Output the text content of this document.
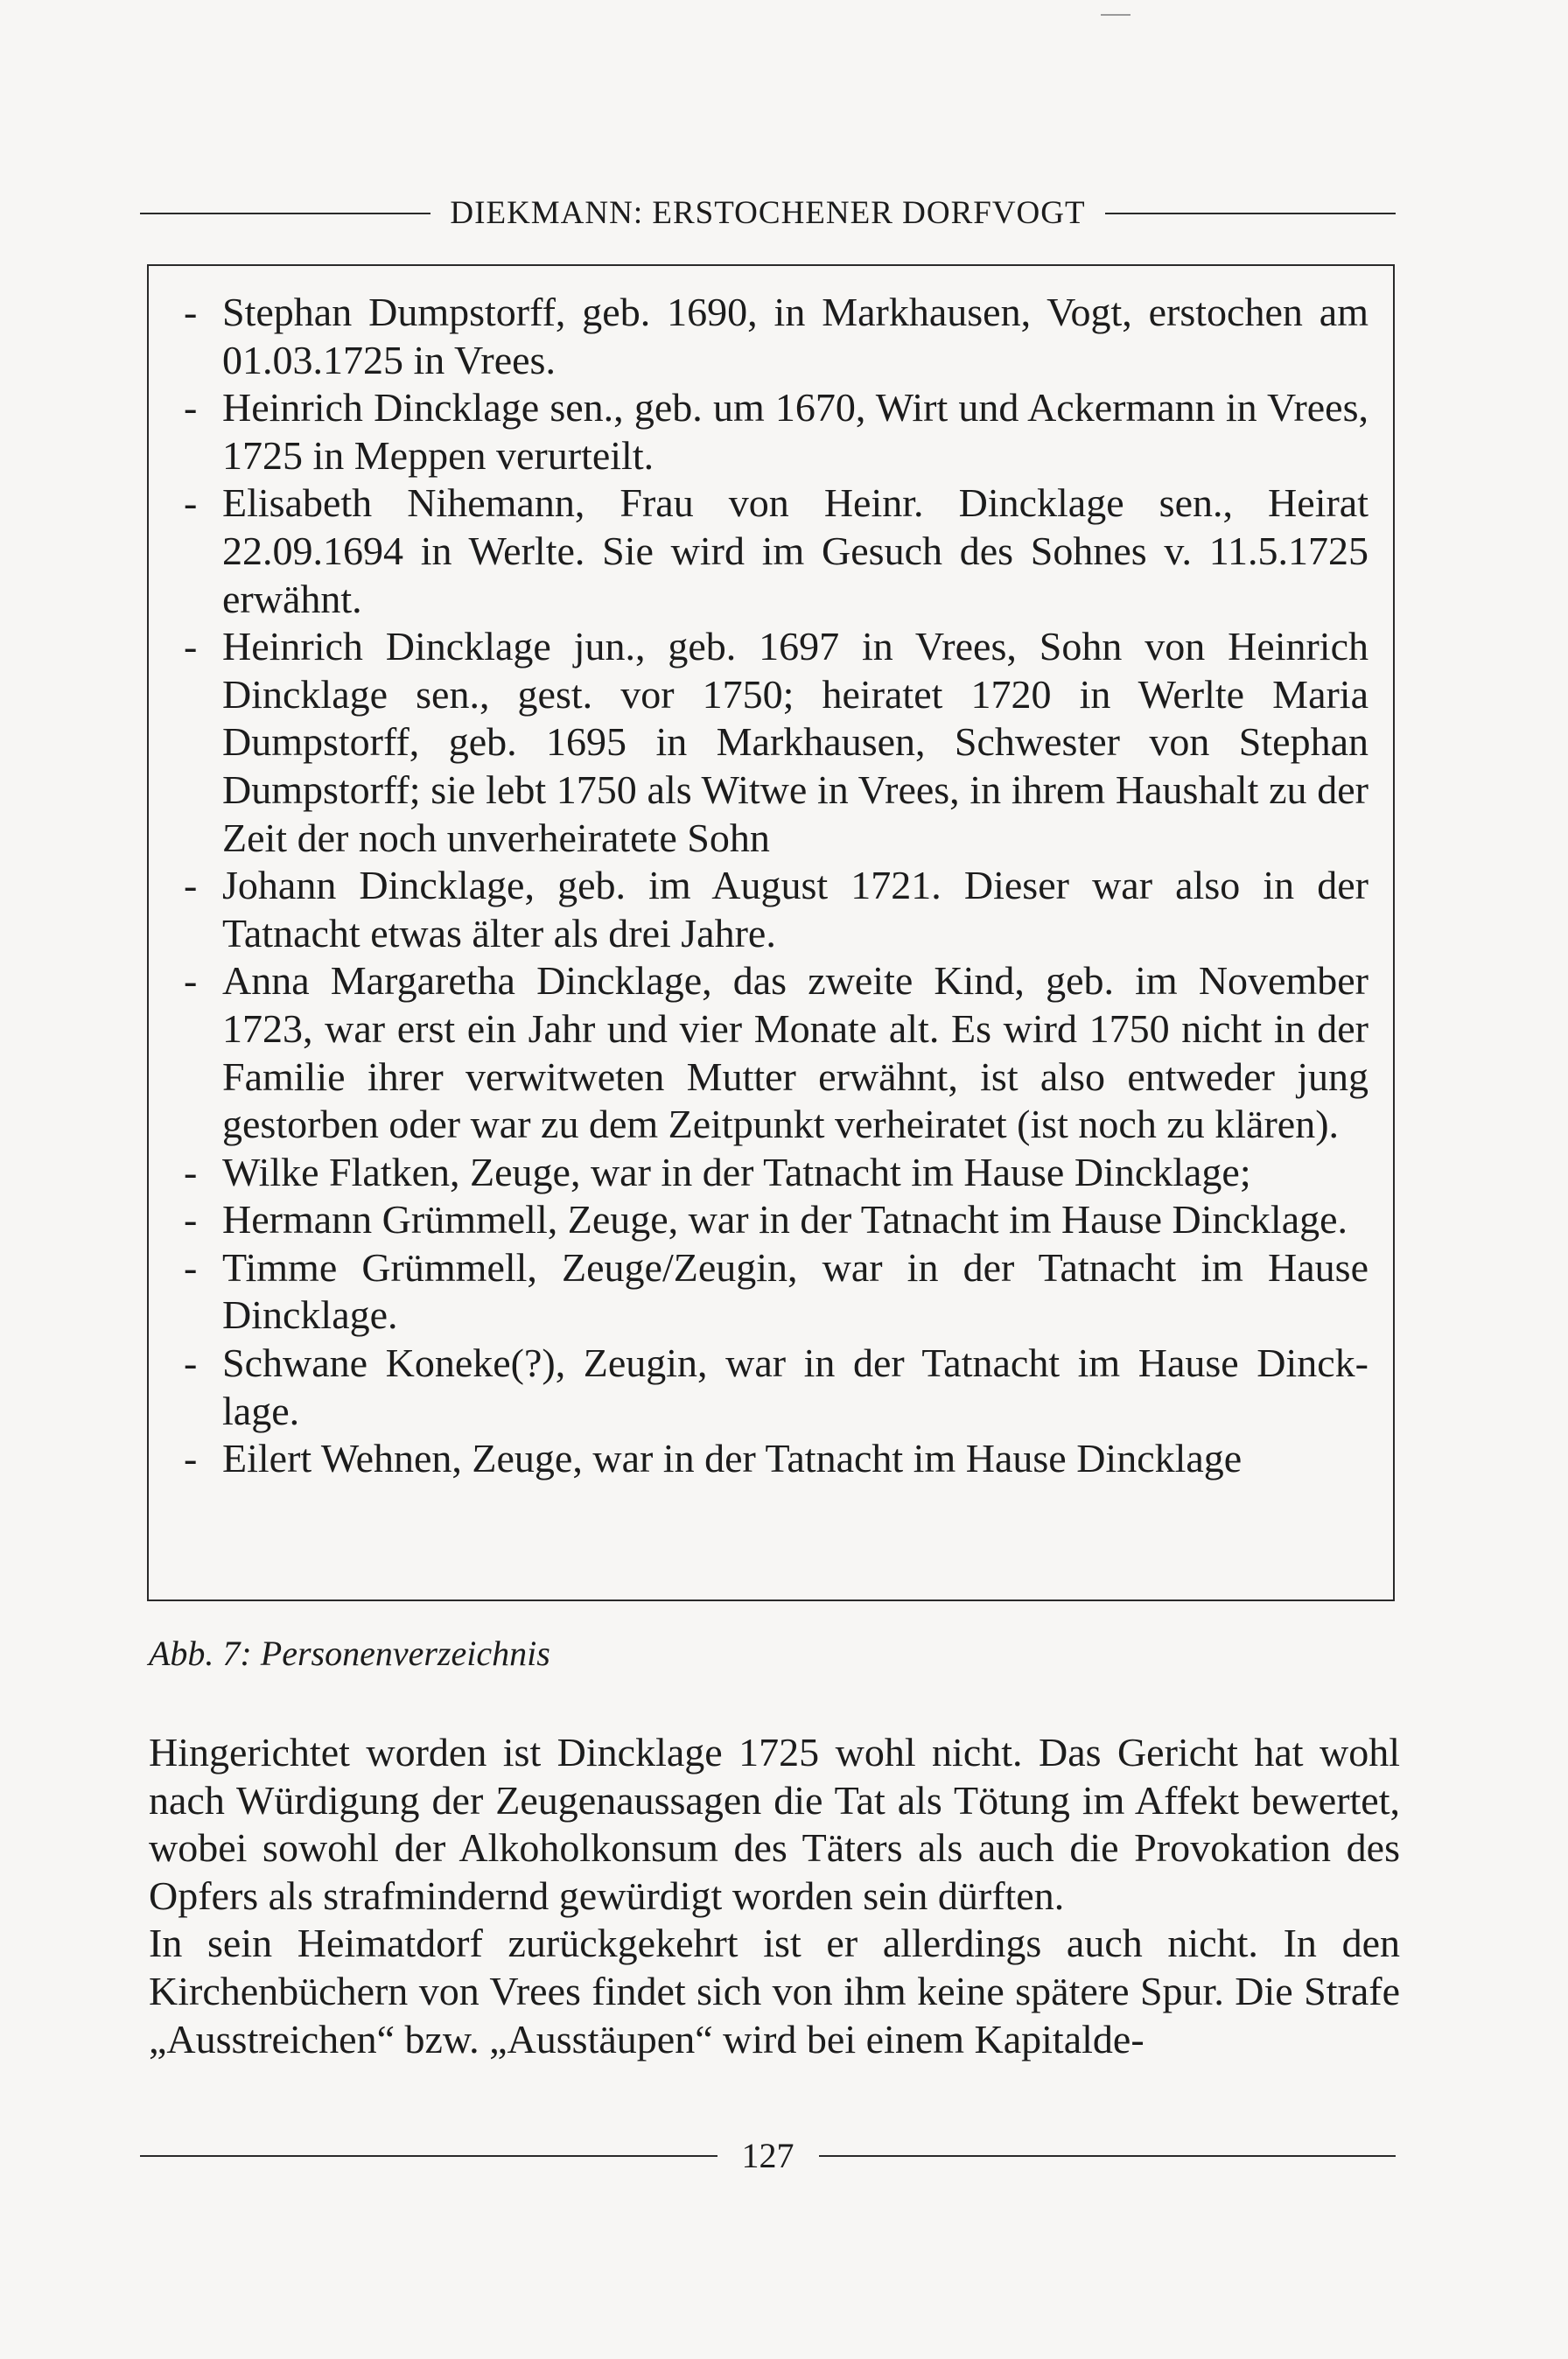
DIEKMANN: ERSTOCHENER DORFVOGT
- Stephan Dumpstorff, geb. 1690, in Markhausen, Vogt, erstochen am 01.03.1725 in Vrees.
- Heinrich Dincklage sen., geb. um 1670, Wirt und Ackermann in Vrees, 1725 in Meppen verurteilt.
- Elisabeth Nihemann, Frau von Heinr. Dincklage sen., Heirat 22.09.1694 in Werlte. Sie wird im Gesuch des Sohnes v. 11.5.1725 erwähnt.
- Heinrich Dincklage jun., geb. 1697 in Vrees, Sohn von Heinrich Dincklage sen., gest. vor 1750; heiratet 1720 in Werlte Maria Dumpstorff, geb. 1695 in Markhausen, Schwester von Stephan Dumpstorff; sie lebt 1750 als Witwe in Vrees, in ihrem Haushalt zu der Zeit der noch unverheiratete Sohn
- Johann Dincklage, geb. im August 1721. Dieser war also in der Tatnacht etwas älter als drei Jahre.
- Anna Margaretha Dincklage, das zweite Kind, geb. im November 1723, war erst ein Jahr und vier Monate alt. Es wird 1750 nicht in der Familie ihrer verwitweten Mutter erwähnt, ist also entweder jung gestorben oder war zu dem Zeitpunkt verheiratet (ist noch zu klären).
- Wilke Flatken, Zeuge, war in der Tatnacht im Hause Dincklage;
- Hermann Grümmell, Zeuge, war in der Tatnacht im Hause Dincklage.
- Timme Grümmell, Zeuge/Zeugin, war in der Tatnacht im Hause Dincklage.
- Schwane Koneke(?), Zeugin, war in der Tatnacht im Hause Dinck-lage.
- Eilert Wehnen, Zeuge, war in der Tatnacht im Hause Dincklage
Abb. 7: Personenverzeichnis

Hingerichtet worden ist Dincklage 1725 wohl nicht. Das Gericht hat wohl nach Würdigung der Zeugenaussagen die Tat als Tötung im Affekt bewertet, wobei sowohl der Alkoholkonsum des Täters als auch die Provokation des Opfers als strafmindernd gewürdigt worden sein dürften.

In sein Heimatdorf zurückgekehrt ist er allerdings auch nicht. In den Kirchenbüchern von Vrees findet sich von ihm keine spätere Spur. Die Strafe „Ausstreichen“ bzw. „Ausstäupen“ wird bei einem Kapitalde-

127
